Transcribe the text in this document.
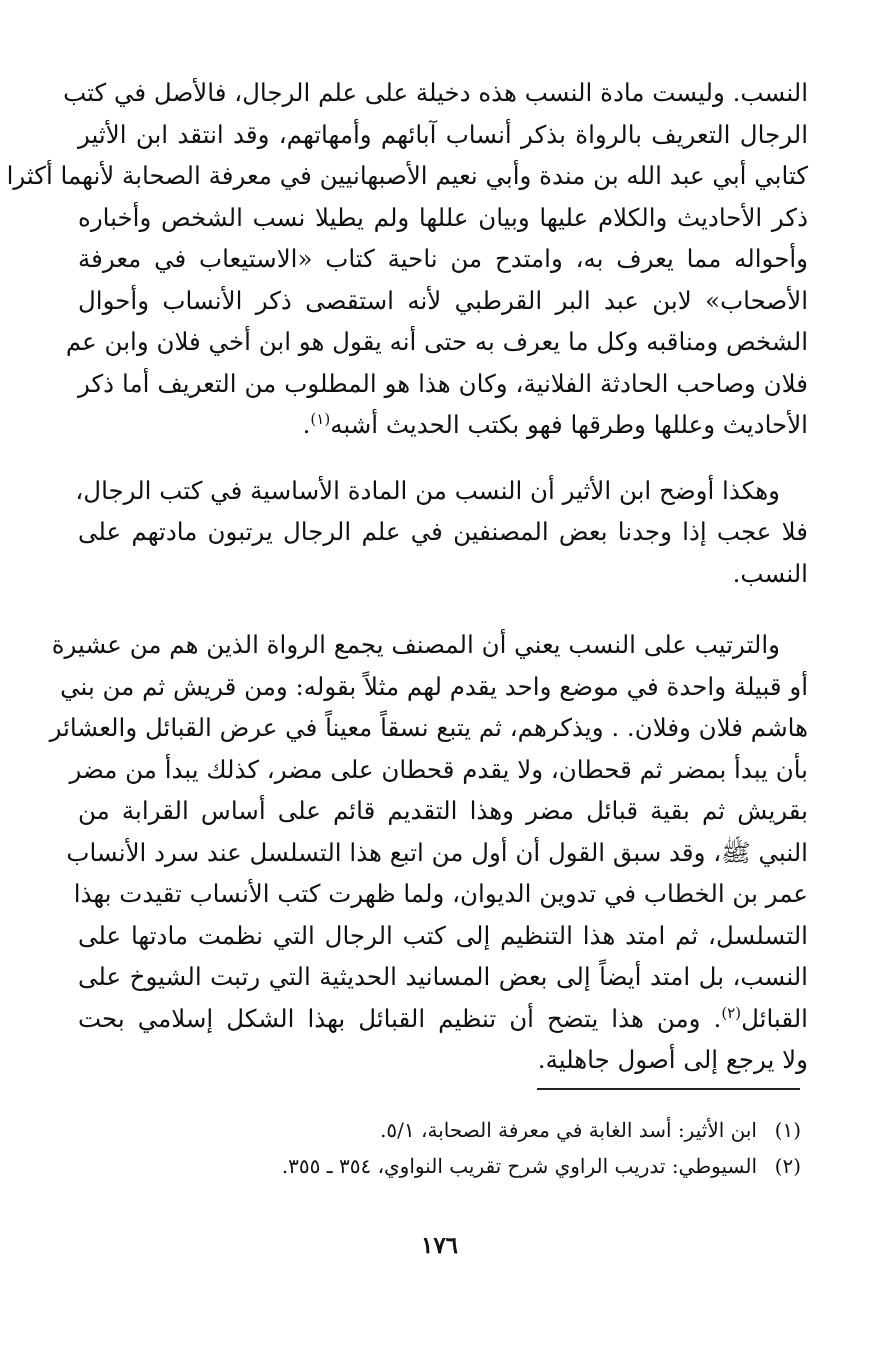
النسب. وليست مادة النسب هذه دخيلة على علم الرجال، فالأصل في كتب
الرجال التعريف بالرواة بذكر أنساب آبائهم وأمهاتهم، وقد انتقد ابن الأثير
كتابي أبي عبد الله بن مندة وأبي نعيم الأصبهانيين في معرفة الصحابة لأنهما أكثرا
ذكر الأحاديث والكلام عليها وبيان عللها ولم يطيلا نسب الشخص وأخباره
وأحواله مما يعرف به، وامتدح من ناحية كتاب «الاستيعاب في معرفة
الأصحاب» لابن عبد البر القرطبي لأنه استقصى ذكر الأنساب وأحوال
الشخص ومناقبه وكل ما يعرف به حتى أنه يقول هو ابن أخي فلان وابن عم
فلان وصاحب الحادثة الفلانية، وكان هذا هو المطلوب من التعريف أما ذكر
الأحاديث وعللها وطرقها فهو بكتب الحديث أشبه$^{(١)}$.
وهكذا أوضح ابن الأثير أن النسب من المادة الأساسية في كتب الرجال،
فلا عجب إذا وجدنا بعض المصنفين في علم الرجال يرتبون مادتهم على
النسب.
والترتيب على النسب يعني أن المصنف يجمع الرواة الذين هم من عشيرة
أو قبيلة واحدة في موضع واحد يقدم لهم مثلاً بقوله: ومن قريش ثم من بني
هاشم فلان وفلان. . ويذكرهم، ثم يتبع نسقاً معيناً في عرض القبائل والعشائر
بأن يبدأ بمضر ثم قحطان، ولا يقدم قحطان على مضر، كذلك يبدأ من مضر
بقريش ثم بقية قبائل مضر وهذا التقديم قائم على أساس القرابة من
النبي ﷺ، وقد سبق القول أن أول من اتبع هذا التسلسل عند سرد الأنساب
عمر بن الخطاب في تدوين الديوان، ولما ظهرت كتب الأنساب تقيدت بهذا
التسلسل، ثم امتد هذا التنظيم إلى كتب الرجال التي نظمت مادتها على
النسب، بل امتد أيضاً إلى بعض المسانيد الحديثية التي رتبت الشيوخ على
القبائل$^{(٢)}$. ومن هذا يتضح أن تنظيم القبائل بهذا الشكل إسلامي بحت
ولا يرجع إلى أصول جاهلية.
(١)ابن الأثير: أسد الغابة في معرفة الصحابة، ٥/١.
(٢)السيوطي: تدريب الراوي شرح تقريب النواوي، ٣٥٤ ـ ٣٥٥.
١٧٦
